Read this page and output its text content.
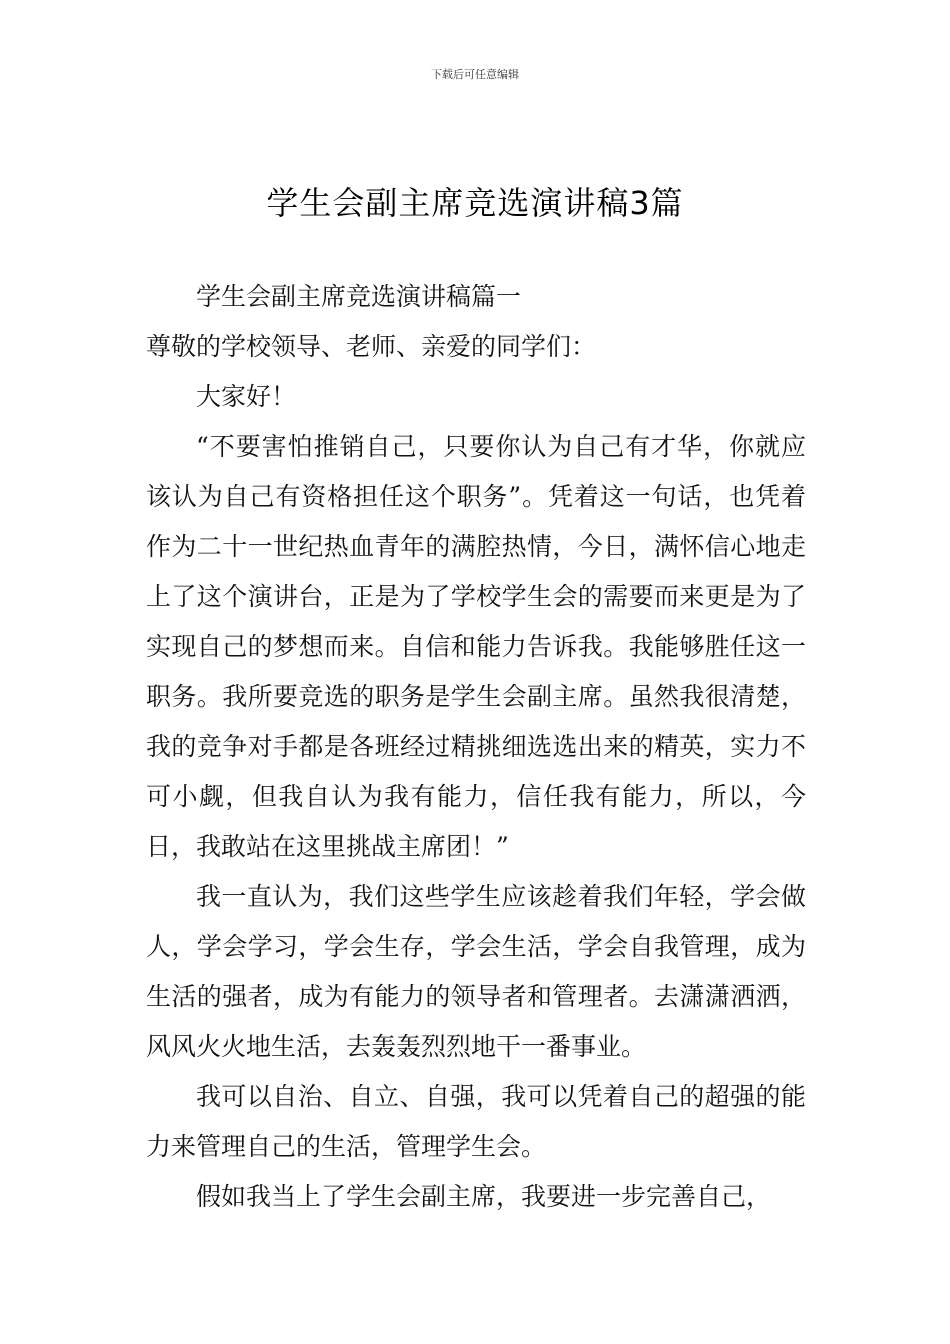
下载后可任意编辑
学生会副主席竞选演讲稿3篇

学生会副主席竞选演讲稿篇一

尊敬的学校领导、老师、亲爱的同学们：

大家好！

“不要害怕推销自己，只要你认为自己有才华，你就应该认为自己有资格担任这个职务”。凭着这一句话，也凭着作为二十一世纪热血青年的满腔热情，今日，满怀信心地走上了这个演讲台，正是为了学校学生会的需要而来更是为了实现自己的梦想而来。自信和能力告诉我。我能够胜任这一职务。我所要竞选的职务是学生会副主席。虽然我很清楚，我的竞争对手都是各班经过精挑细选选出来的精英，实力不可小觑，但我自认为我有能力，信任我有能力，所以，今日，我敢站在这里挑战主席团！”

我一直认为，我们这些学生应该趁着我们年轻，学会做人，学会学习，学会生存，学会生活，学会自我管理，成为生活的强者，成为有能力的领导者和管理者。去潇潇洒洒，风风火火地生活，去轰轰烈烈地干一番事业。

我可以自治、自立、自强，我可以凭着自己的超强的能力来管理自己的生活，管理学生会。

假如我当上了学生会副主席，我要进一步完善自己，
